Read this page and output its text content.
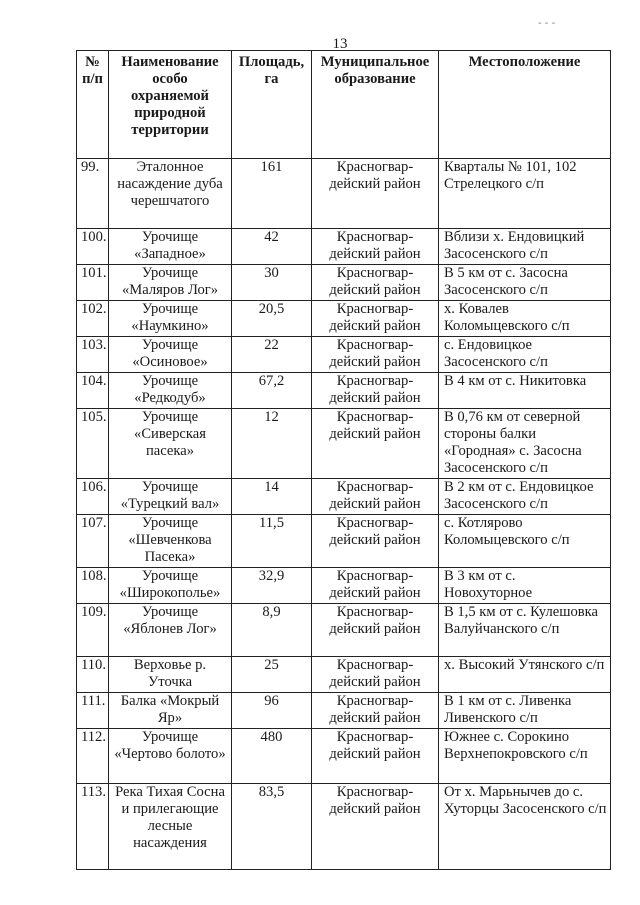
- - -
13
№ п/п	Наименование особо охраняемой природной территории	Площадь, га	Муниципальное образование	Местоположение
99.	Эталонное насаждение дуба черешчатого	161	Красногвар-дейский район	Кварталы № 101, 102 Стрелецкого с/п
100.	Урочище «Западное»	42	Красногвар-дейский район	Вблизи х. Ендовицкий Засосенского с/п
101.	Урочище «Маляров Лог»	30	Красногвар-дейский район	В 5 км от с. Засосна Засосенского с/п
102.	Урочище «Наумкино»	20,5	Красногвар-дейский район	х. Ковалев Коломыцевского с/п
103.	Урочище «Осиновое»	22	Красногвар-дейский район	с. Ендовицкое Засосенского с/п
104.	Урочище «Редкодуб»	67,2	Красногвар-дейский район	В 4 км от с. Никитовка
105.	Урочище «Сиверская пасека»	12	Красногвар-дейский район	В 0,76 км от северной стороны балки «Городная» с. Засосна Засосенского с/п
106.	Урочище «Турецкий вал»	14	Красногвар-дейский район	В 2 км от с. Ендовицкое Засосенского с/п
107.	Урочище «Шевченкова Пасека»	11,5	Красногвар-дейский район	с. Котлярово Коломыцевского с/п
108.	Урочище «Широкополье»	32,9	Красногвар-дейский район	В 3 км от с. Новохуторное
109.	Урочище «Яблонев Лог»	8,9	Красногвар-дейский район	В 1,5 км от с. Кулешовка Валуйчанского с/п
110.	Верховье р. Уточка	25	Красногвар-дейский район	х. Высокий Утянского с/п
111.	Балка «Мокрый Яр»	96	Красногвар-дейский район	В 1 км от с. Ливенка Ливенского с/п
112.	Урочище «Чертово болото»	480	Красногвар-дейский район	Южнее с. Сорокино Верхнепокровского с/п
113.	Река Тихая Сосна и прилегающие лесные насаждения	83,5	Красногвар-дейский район	От х. Марьнычев до с. Хуторцы Засосенского с/п
